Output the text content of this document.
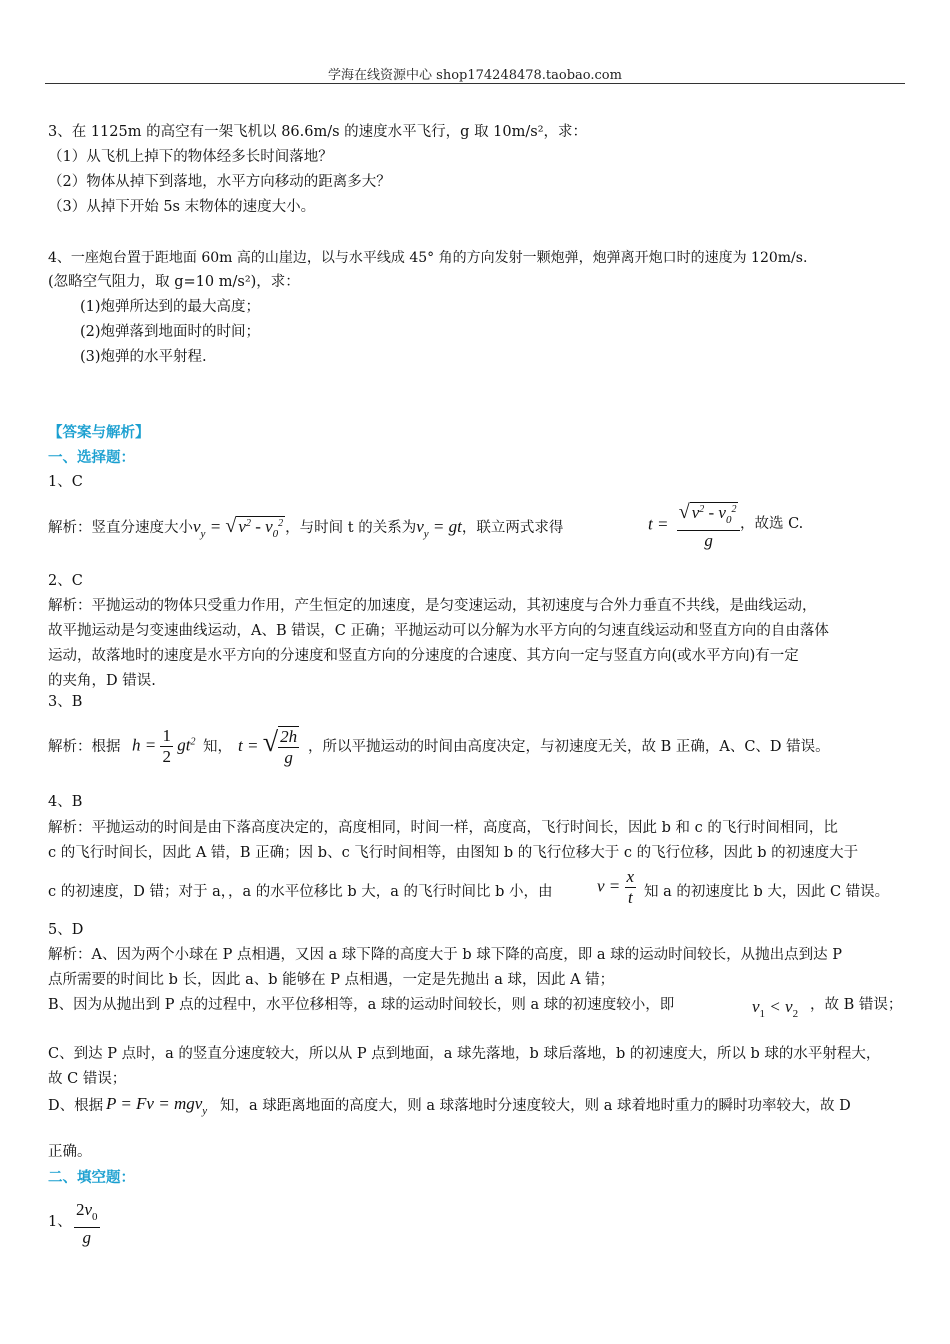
学海在线资源中心 shop174248478.taobao.com
3、在 1125m 的高空有一架飞机以 86.6m/s 的速度水平飞行，g 取 10m/s²，求：
（1）从飞机上掉下的物体经多长时间落地？
（2）物体从掉下到落地，水平方向移动的距离多大？
（3）从掉下开始 5s 末物体的速度大小。
4、一座炮台置于距地面 60m 高的山崖边，以与水平线成 45° 角的方向发射一颗炮弹，炮弹离开炮口时的速度为 120m/s.
(忽略空气阻力，取 g=10 m/s²)，求：
(1)炮弹所达到的最大高度；
(2)炮弹落到地面时的时间；
(3)炮弹的水平射程.
【答案与解析】
一、选择题：
1、C
解析：竖直分速度大小$v_y$ = √ $v^2 - v_0^2$ ，与时间 t 的关系为$v_y$ = gt，联立两式求得	$t = \frac{√ v^2 - v_0^2}{g}$ ，故选 C.
2、C
解析：平抛运动的物体只受重力作用，产生恒定的加速度，是匀变速运动，其初速度与合外力垂直不共线，是曲线运动，
故平抛运动是匀变速曲线运动，A、B 错误，C 正确；平抛运动可以分解为水平方向的匀速直线运动和竖直方向的自由落体
运动，故落地时的速度是水平方向的分速度和竖直方向的分速度的合速度、其方向一定与竖直方向(或水平方向)有一定
的夹角，D 错误.
3、B
解析：根据 $h = \frac{1}{2} gt^2$ 知， t = √ $\frac{2h}{g}$ ，所以平抛运动的时间由高度决定，与初速度无关，故 B 正确，A、C、D 错误。
4、B
解析：平抛运动的时间是由下落高度决定的，高度相同，时间一样，高度高，飞行时间长，因此 b 和 c 的飞行时间相同，比
c 的飞行时间长，因此 A 错，B 正确；因 b、c 飞行时间相等，由图知 b 的飞行位移大于 c 的飞行位移，因此 b 的初速度大于
c 的初速度，D 错；对于 a，，a 的水平位移比 b 大，a 的飞行时间比 b 小，由	$v = \frac{x}{t}$ 知 a 的初速度比 b 大，因此 C 错误。
5、D
解析：A、因为两个小球在 P 点相遇，又因 a 球下降的高度大于 b 球下降的高度，即 a 球的运动时间较长，从抛出点到达 P
点所需要的时间比 b 长，因此 a、b 能够在 P 点相遇，一定是先抛出 a 球，因此 A 错；
B、因为从抛出到 P 点的过程中，水平位移相等，a 球的运动时间较长，则 a 球的初速度较小，即	$v_1 < v_2$
，故 B 错误；
C、到达 P 点时，a 的竖直分速度较大，所以从 P 点到地面，a 球先落地，b 球后落地，b 的初速度大，所以 b 球的水平射程大，
故 C 错误；
D、根据 P = Fv = mgv$_y$ 知，a 球距离地面的高度大，则 a 球落地时分速度较大，则 a 球着地时重力的瞬时功率较大，故 D
正确。
二、填空题：
1、 $\frac{2v_0}{g}$
